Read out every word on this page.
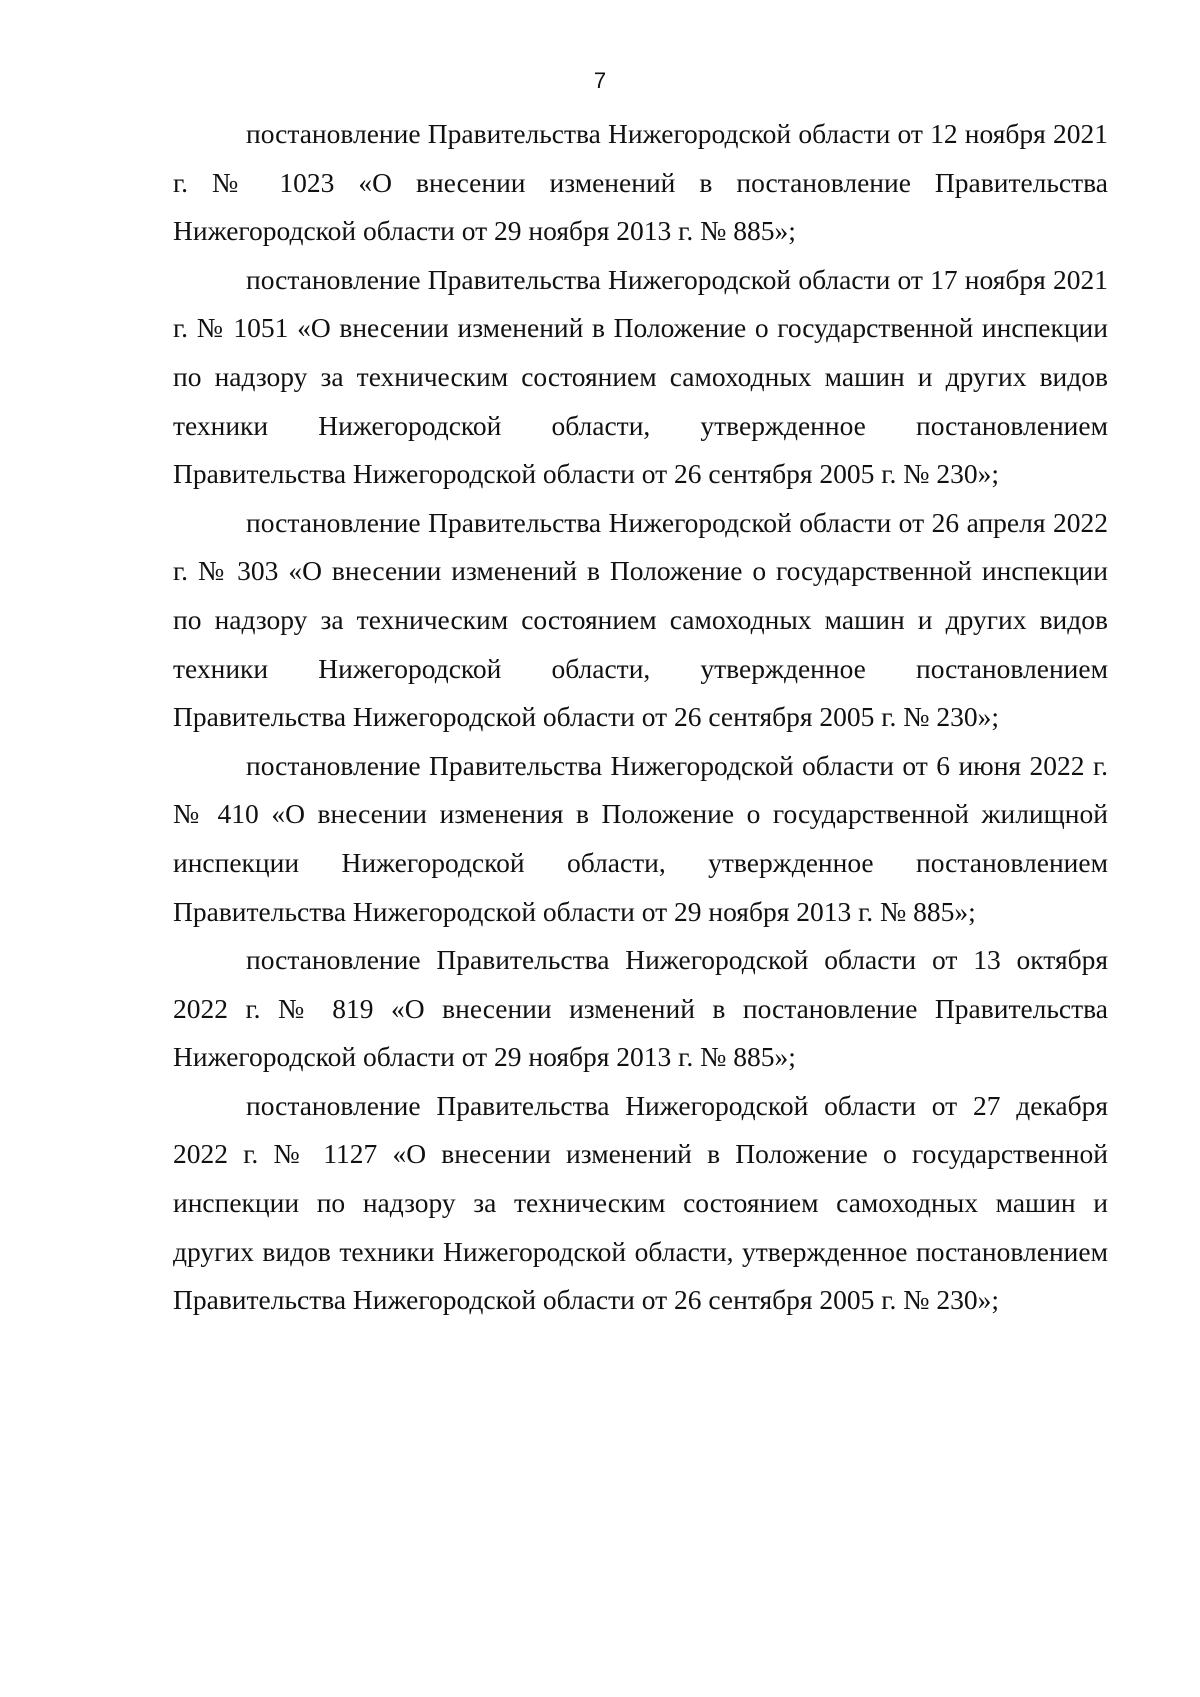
7

постановление Правительства Нижегородской области от 12 ноября 2021 г. № 1023 «О внесении изменений в постановление Правительства Нижегородской области от 29 ноября 2013 г. № 885»;

постановление Правительства Нижегородской области от 17 ноября 2021 г. № 1051 «О внесении изменений в Положение о государственной инспекции по надзору за техническим состоянием самоходных машин и других видов техники Нижегородской области, утвержденное постановлением Правительства Нижегородской области от 26 сентября 2005 г. № 230»;

постановление Правительства Нижегородской области от 26 апреля 2022 г. № 303 «О внесении изменений в Положение о государственной инспекции по надзору за техническим состоянием самоходных машин и других видов техники Нижегородской области, утвержденное постановлением Правительства Нижегородской области от 26 сентября 2005 г. № 230»;

постановление Правительства Нижегородской области от 6 июня 2022 г. № 410 «О внесении изменения в Положение о государственной жилищной инспекции Нижегородской области, утвержденное постановлением Правительства Нижегородской области от 29 ноября 2013 г. № 885»;

постановление Правительства Нижегородской области от 13 октября 2022 г. № 819 «О внесении изменений в постановление Правительства Нижегородской области от 29 ноября 2013 г. № 885»;

постановление Правительства Нижегородской области от 27 декабря 2022 г. № 1127 «О внесении изменений в Положение о государственной инспекции по надзору за техническим состоянием самоходных машин и других видов техники Нижегородской области, утвержденное постановлением Правительства Нижегородской области от 26 сентября 2005 г. № 230»;
